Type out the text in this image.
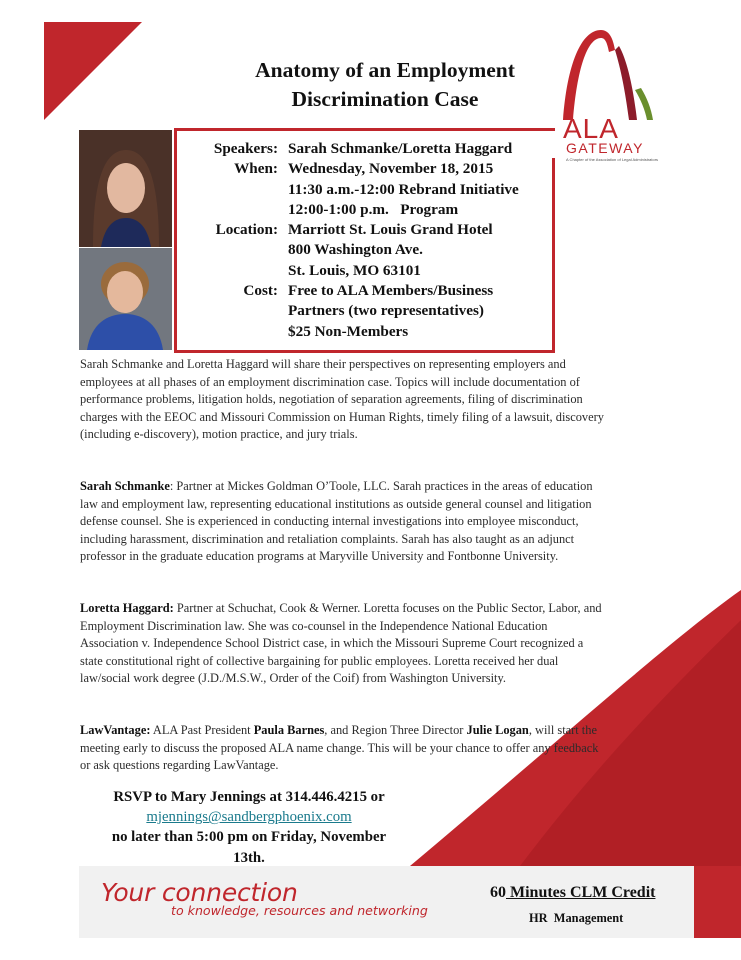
ALA
GATEWAY
A Chapter of the Association of Legal Administrators
Anatomy of an Employment
Discrimination Case
Speakers: Sarah Schmanke/Loretta Haggard
When: Wednesday, November 18, 2015
11:30 a.m.-12:00 Rebrand Initiative
12:00-1:00 p.m.   Program
Location: Marriott St. Louis Grand Hotel
800 Washington Ave.
St. Louis, MO 63101
Cost: Free to ALA Members/Business
Partners (two representatives)
$25 Non-Members

Sarah Schmanke and Loretta Haggard will share their perspectives on representing employers and employees at all phases of an employment discrimination case. Topics will include documentation of performance problems, litigation holds, negotiation of separation agreements, filing of discrimination charges with the EEOC and Missouri Commission on Human Rights, timely filing of a lawsuit, discovery (including e-discovery), motion practice, and jury trials.

Sarah Schmanke: Partner at Mickes Goldman O’Toole, LLC. Sarah practices in the areas of education law and employment law, representing educational institutions as outside general counsel and litigation defense counsel. She is experienced in conducting internal investigations into employee misconduct, including harassment, discrimination and retaliation complaints. Sarah has also taught as an adjunct professor in the graduate education programs at Maryville University and Fontbonne University.

Loretta Haggard: Partner at Schuchat, Cook & Werner. Loretta focuses on the Public Sector, Labor, and Employment Discrimination law. She was co-counsel in the Independence National Education Association v. Independence School District case, in which the Missouri Supreme Court recognized a state constitutional right of collective bargaining for public employees. Loretta received her dual law/social work degree (J.D./M.S.W., Order of the Coif) from Washington University.

LawVantage: ALA Past President Paula Barnes, and Region Three Director Julie Logan, will start the meeting early to discuss the proposed ALA name change. This will be your chance to offer any feedback or ask questions regarding LawVantage.

RSVP to Mary Jennings at 314.446.4215 or
mjennings@sandbergphoenix.com
no later than 5:00 pm on Friday, November
13th.
Your connection
to knowledge, resources and networking
60 Minutes CLM Credit
HR  Management
